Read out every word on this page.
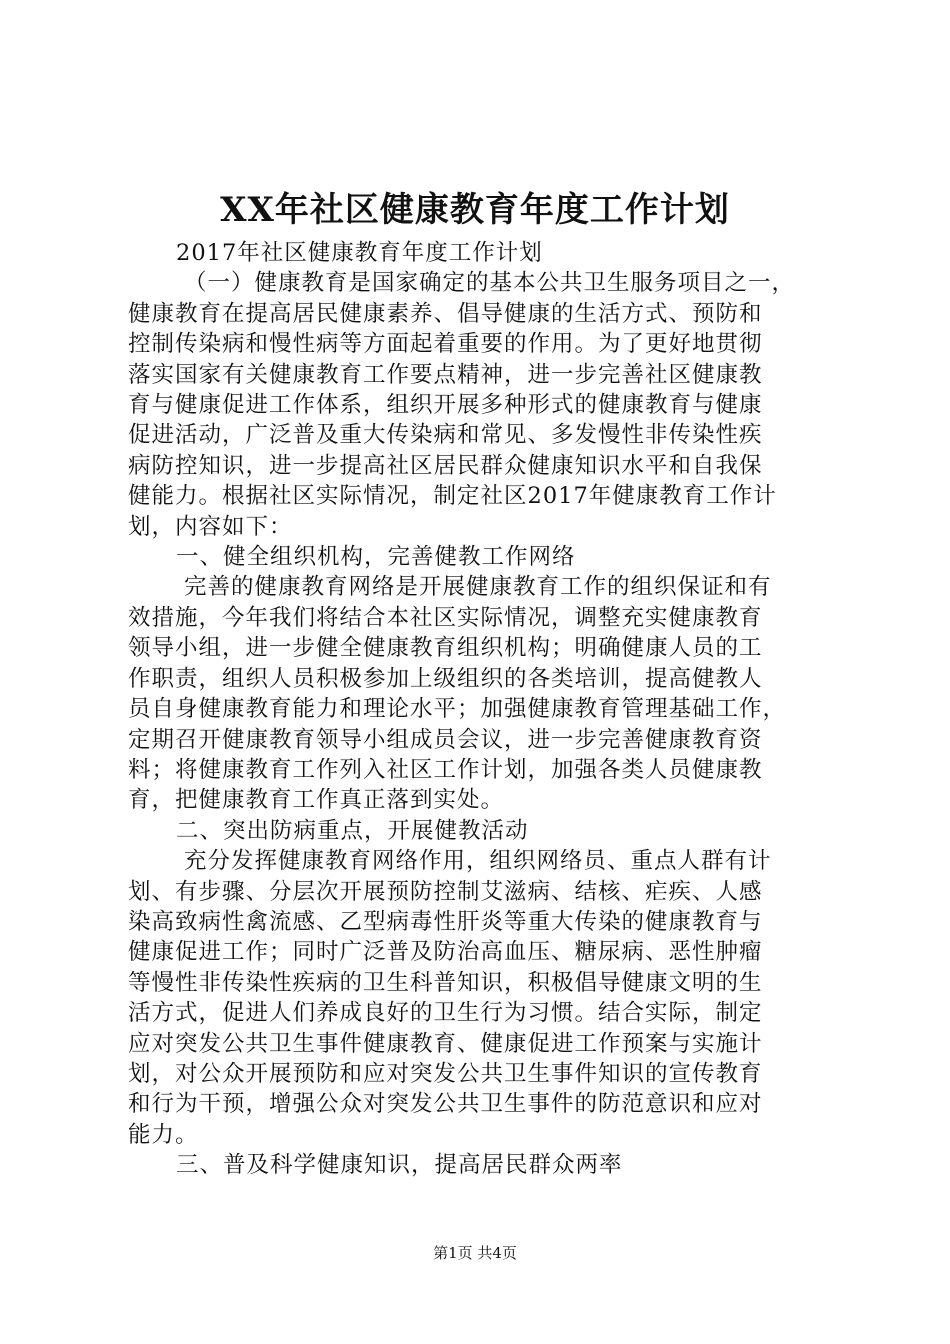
XX年社区健康教育年度工作计划
2017年社区健康教育年度工作计划
（一）健康教育是国家确定的基本公共卫生服务项目之一，
健康教育在提高居民健康素养、倡导健康的生活方式、预防和
控制传染病和慢性病等方面起着重要的作用。为了更好地贯彻
落实国家有关健康教育工作要点精神，进一步完善社区健康教
育与健康促进工作体系，组织开展多种形式的健康教育与健康
促进活动，广泛普及重大传染病和常见、多发慢性非传染性疾
病防控知识，进一步提高社区居民群众健康知识水平和自我保
健能力。根据社区实际情况，制定社区2017年健康教育工作计
划，内容如下：
一、健全组织机构，完善健教工作网络
完善的健康教育网络是开展健康教育工作的组织保证和有
效措施，今年我们将结合本社区实际情况，调整充实健康教育
领导小组，进一步健全健康教育组织机构；明确健康人员的工
作职责，组织人员积极参加上级组织的各类培训，提高健教人
员自身健康教育能力和理论水平；加强健康教育管理基础工作，
定期召开健康教育领导小组成员会议，进一步完善健康教育资
料；将健康教育工作列入社区工作计划，加强各类人员健康教
育，把健康教育工作真正落到实处。
二、突出防病重点，开展健教活动
充分发挥健康教育网络作用，组织网络员、重点人群有计
划、有步骤、分层次开展预防控制艾滋病、结核、疟疾、人感
染高致病性禽流感、乙型病毒性肝炎等重大传染的健康教育与
健康促进工作；同时广泛普及防治高血压、糖尿病、恶性肿瘤
等慢性非传染性疾病的卫生科普知识，积极倡导健康文明的生
活方式，促进人们养成良好的卫生行为习惯。结合实际，制定
应对突发公共卫生事件健康教育、健康促进工作预案与实施计
划，对公众开展预防和应对突发公共卫生事件知识的宣传教育
和行为干预，增强公众对突发公共卫生事件的防范意识和应对
能力。
三、普及科学健康知识，提高居民群众两率
第1页 共4页
